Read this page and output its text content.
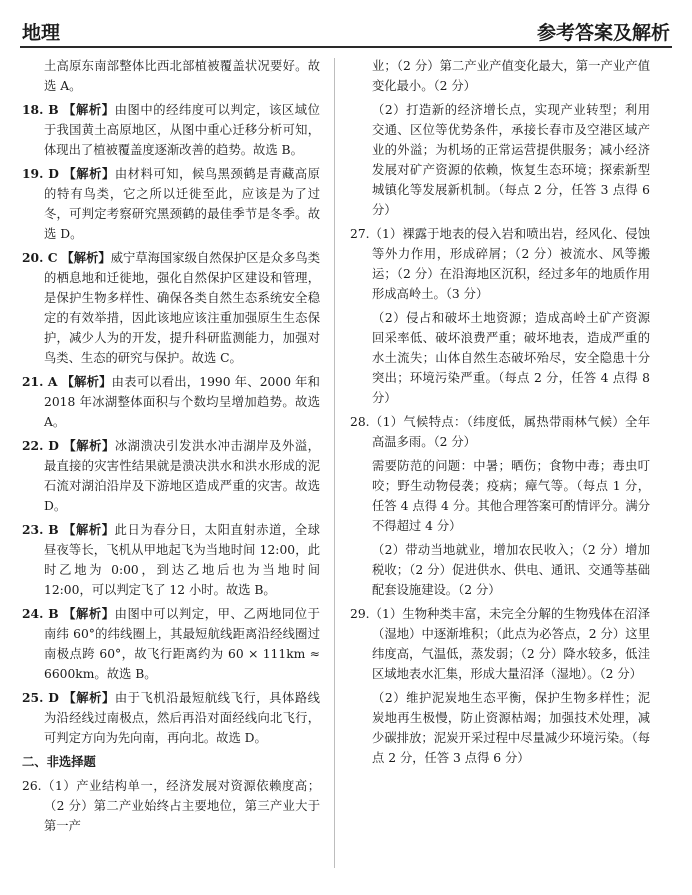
地理	参考答案及解析
土高原东南部整体比西北部植被覆盖状况要好。故选 A。
18. B 【解析】由图中的经纬度可以判定，该区域位于我国黄土高原地区，从图中重心迁移分析可知，体现出了植被覆盖度逐渐改善的趋势。故选 B。
19. D 【解析】由材料可知，候鸟黑颈鹤是青藏高原的特有鸟类，它之所以迁徙至此，应该是为了过冬，可判定考察研究黑颈鹤的最佳季节是冬季。故选 D。
20. C 【解析】威宁草海国家级自然保护区是众多鸟类的栖息地和迁徙地，强化自然保护区建设和管理，是保护生物多样性、确保各类自然生态系统安全稳定的有效举措，因此该地应该注重加强原生生态保护，减少人为的开发，提升科研监测能力，加强对鸟类、生态的研究与保护。故选 C。
21. A 【解析】由表可以看出，1990 年、2000 年和 2018 年冰湖整体面积与个数均呈增加趋势。故选 A。
22. D 【解析】冰湖溃决引发洪水冲击湖岸及外溢，最直接的灾害性结果就是溃决洪水和洪水形成的泥石流对湖泊沿岸及下游地区造成严重的灾害。故选 D。
23. B 【解析】此日为春分日，太阳直射赤道，全球昼夜等长，飞机从甲地起飞为当地时间 12:00，此时乙地为 0:00，到达乙地后也为当地时间 12:00，可以判定飞了 12 小时。故选 B。
24. B 【解析】由图中可以判定，甲、乙两地同位于南纬 60°的纬线圈上，其最短航线距离沿经线圈过南极点跨 60°，故飞行距离约为 60 × 111km ≈ 6600km。故选 B。
25. D 【解析】由于飞机沿最短航线飞行，具体路线为沿经线过南极点，然后再沿对面经线向北飞行，可判定方向为先向南，再向北。故选 D。
二、非选择题
26.（1）产业结构单一，经济发展对资源依赖度高；（2 分）第二产业始终占主要地位，第三产业大于第一产
业；（2 分）第二产业产值变化最大，第一产业产值变化最小。（2 分）
（2）打造新的经济增长点，实现产业转型；利用交通、区位等优势条件，承接长春市及空港区域产业的外溢；为机场的正常运营提供服务；减小经济发展对矿产资源的依赖，恢复生态环境；探索新型城镇化等发展新机制。（每点 2 分，任答 3 点得 6 分）
27.（1）裸露于地表的侵入岩和喷出岩，经风化、侵蚀等外力作用，形成碎屑；（2 分）被流水、风等搬运；（2 分）在沿海地区沉积，经过多年的地质作用形成高岭土。（3 分）
（2）侵占和破坏土地资源；造成高岭土矿产资源回采率低、破坏浪费严重；破坏地表，造成严重的水土流失；山体自然生态破坏殆尽，安全隐患十分突出；环境污染严重。（每点 2 分，任答 4 点得 8 分）
28.（1）气候特点：（纬度低，属热带雨林气候）全年高温多雨。（2 分）
需要防范的问题：中暑；晒伤；食物中毒；毒虫叮咬；野生动物侵袭；疫病；瘴气等。（每点 1 分，任答 4 点得 4 分。其他合理答案可酌情评分。满分不得超过 4 分）
（2）带动当地就业，增加农民收入；（2 分）增加税收；（2 分）促进供水、供电、通讯、交通等基础配套设施建设。（2 分）
29.（1）生物种类丰富，未完全分解的生物残体在沼泽（湿地）中逐渐堆积；（此点为必答点，2 分）这里纬度高，气温低，蒸发弱；（2 分）降水较多，低洼区域地表水汇集，形成大量沼泽（湿地）。（2 分）
（2）维护泥炭地生态平衡，保护生物多样性；泥炭地再生极慢，防止资源枯竭；加强技术处理，减少碳排放；泥炭开采过程中尽量减少环境污染。（每点 2 分，任答 3 点得 6 分）
